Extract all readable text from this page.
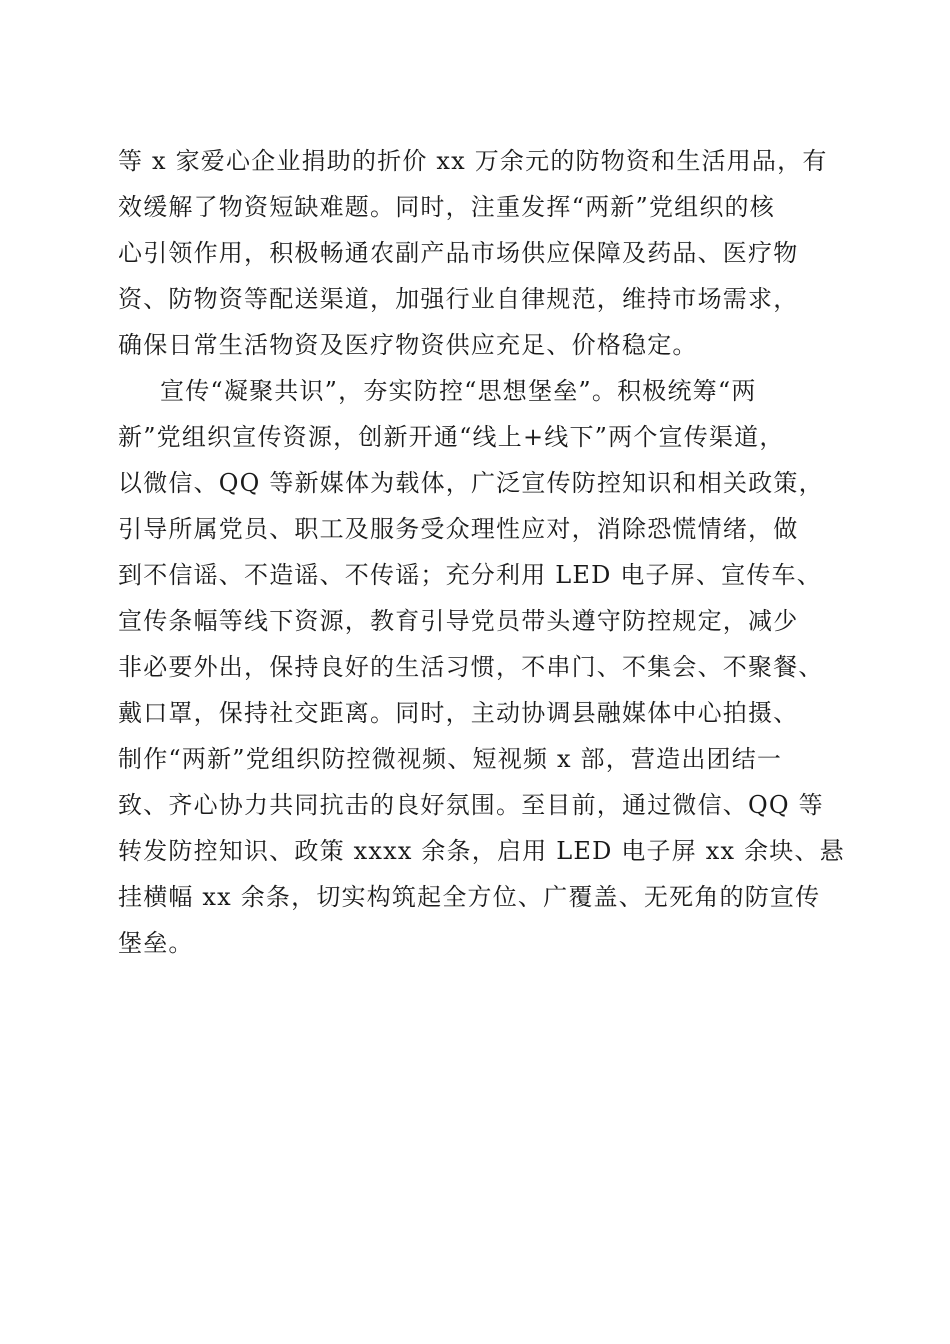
等 x 家爱心企业捐助的折价 xx 万余元的防物资和生活用品，有
效缓解了物资短缺难题。同时，注重发挥“两新”党组织的核
心引领作用，积极畅通农副产品市场供应保障及药品、医疗物
资、防物资等配送渠道，加强行业自律规范，维持市场需求，
确保日常生活物资及医疗物资供应充足、价格稳定。
宣传“凝聚共识”，夯实防控“思想堡垒”。积极统筹“两
新”党组织宣传资源，创新开通“线上+线下”两个宣传渠道，
以微信、QQ 等新媒体为载体，广泛宣传防控知识和相关政策，
引导所属党员、职工及服务受众理性应对，消除恐慌情绪，做
到不信谣、不造谣、不传谣；充分利用 LED 电子屏、宣传车、
宣传条幅等线下资源，教育引导党员带头遵守防控规定，减少
非必要外出，保持良好的生活习惯，不串门、不集会、不聚餐、
戴口罩，保持社交距离。同时，主动协调县融媒体中心拍摄、
制作“两新”党组织防控微视频、短视频 x 部，营造出团结一
致、齐心协力共同抗击的良好氛围。至目前，通过微信、QQ 等
转发防控知识、政策 xxxx 余条，启用 LED 电子屏 xx 余块、悬
挂横幅 xx 余条，切实构筑起全方位、广覆盖、无死角的防宣传
堡垒。
